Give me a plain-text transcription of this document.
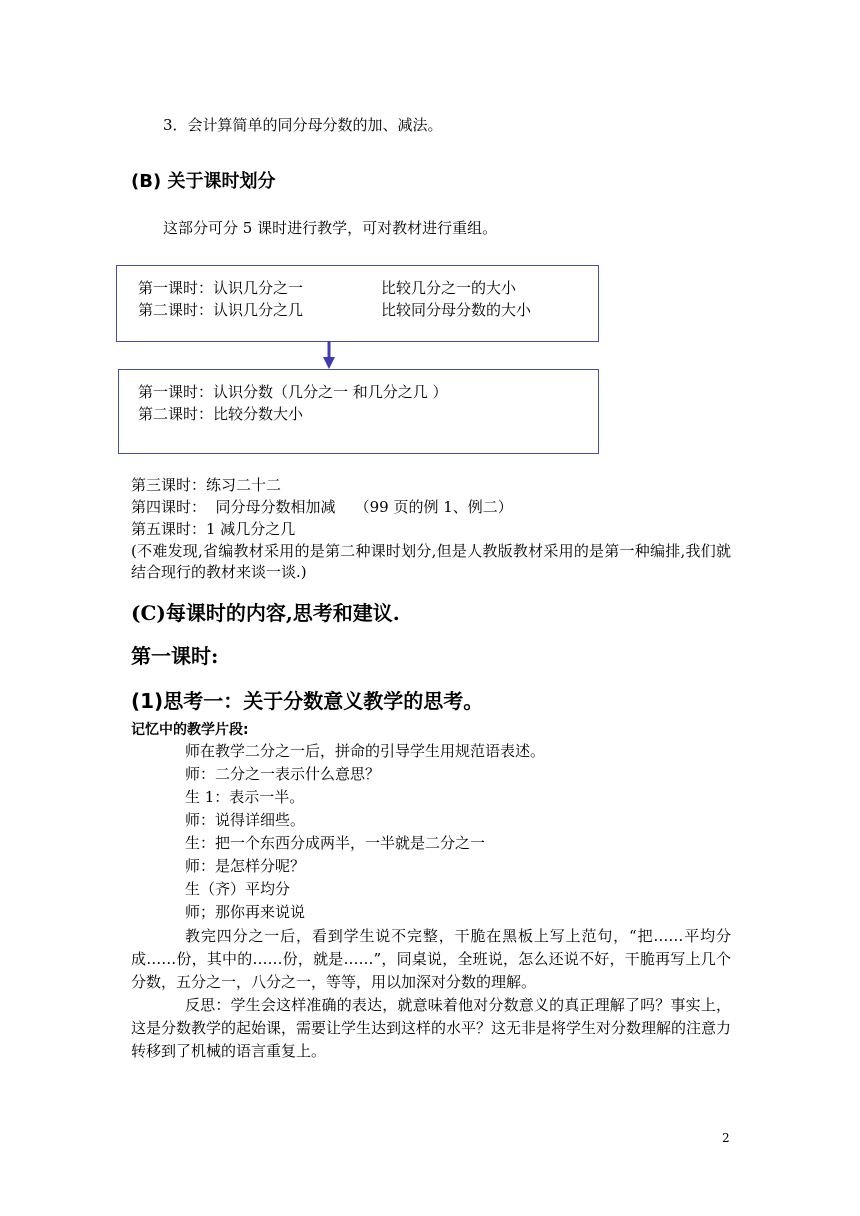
3．会计算简单的同分母分数的加、减法。
(B) 关于课时划分
这部分可分 5 课时进行教学，可对教材进行重组。
第一课时：认识几分之一	比较几分之一的大小
第二课时：认识几分之几	比较同分母分数的大小
第一课时：认识分数（几分之一 和几分之几 ）
第二课时：比较分数大小
第三课时：练习二十二
第四课时：  同分母分数相加减    （99 页的例 1、例二）
第五课时：1 减几分之几
(不难发现,省编教材采用的是第二种课时划分,但是人教版教材采用的是第一种编排,我们就结合现行的教材来谈一谈.)
(C)每课时的内容,思考和建议.
第一课时:
(1)思考一：关于分数意义教学的思考。
记忆中的教学片段:
师在教学二分之一后，拼命的引导学生用规范语表述。
师：二分之一表示什么意思？
生 1：表示一半。
师：说得详细些。
生：把一个东西分成两半，一半就是二分之一
师：是怎样分呢？
生（齐）平均分
师；那你再来说说
教完四分之一后，看到学生说不完整，干脆在黑板上写上范句，“把……平均分成……份，其中的……份，就是……”，同桌说，全班说，怎么还说不好，干脆再写上几个分数，五分之一，八分之一，等等，用以加深对分数的理解。
反思：学生会这样准确的表达，就意味着他对分数意义的真正理解了吗？事实上，这是分数教学的起始课，需要让学生达到这样的水平？这无非是将学生对分数理解的注意力转移到了机械的语言重复上。
2
